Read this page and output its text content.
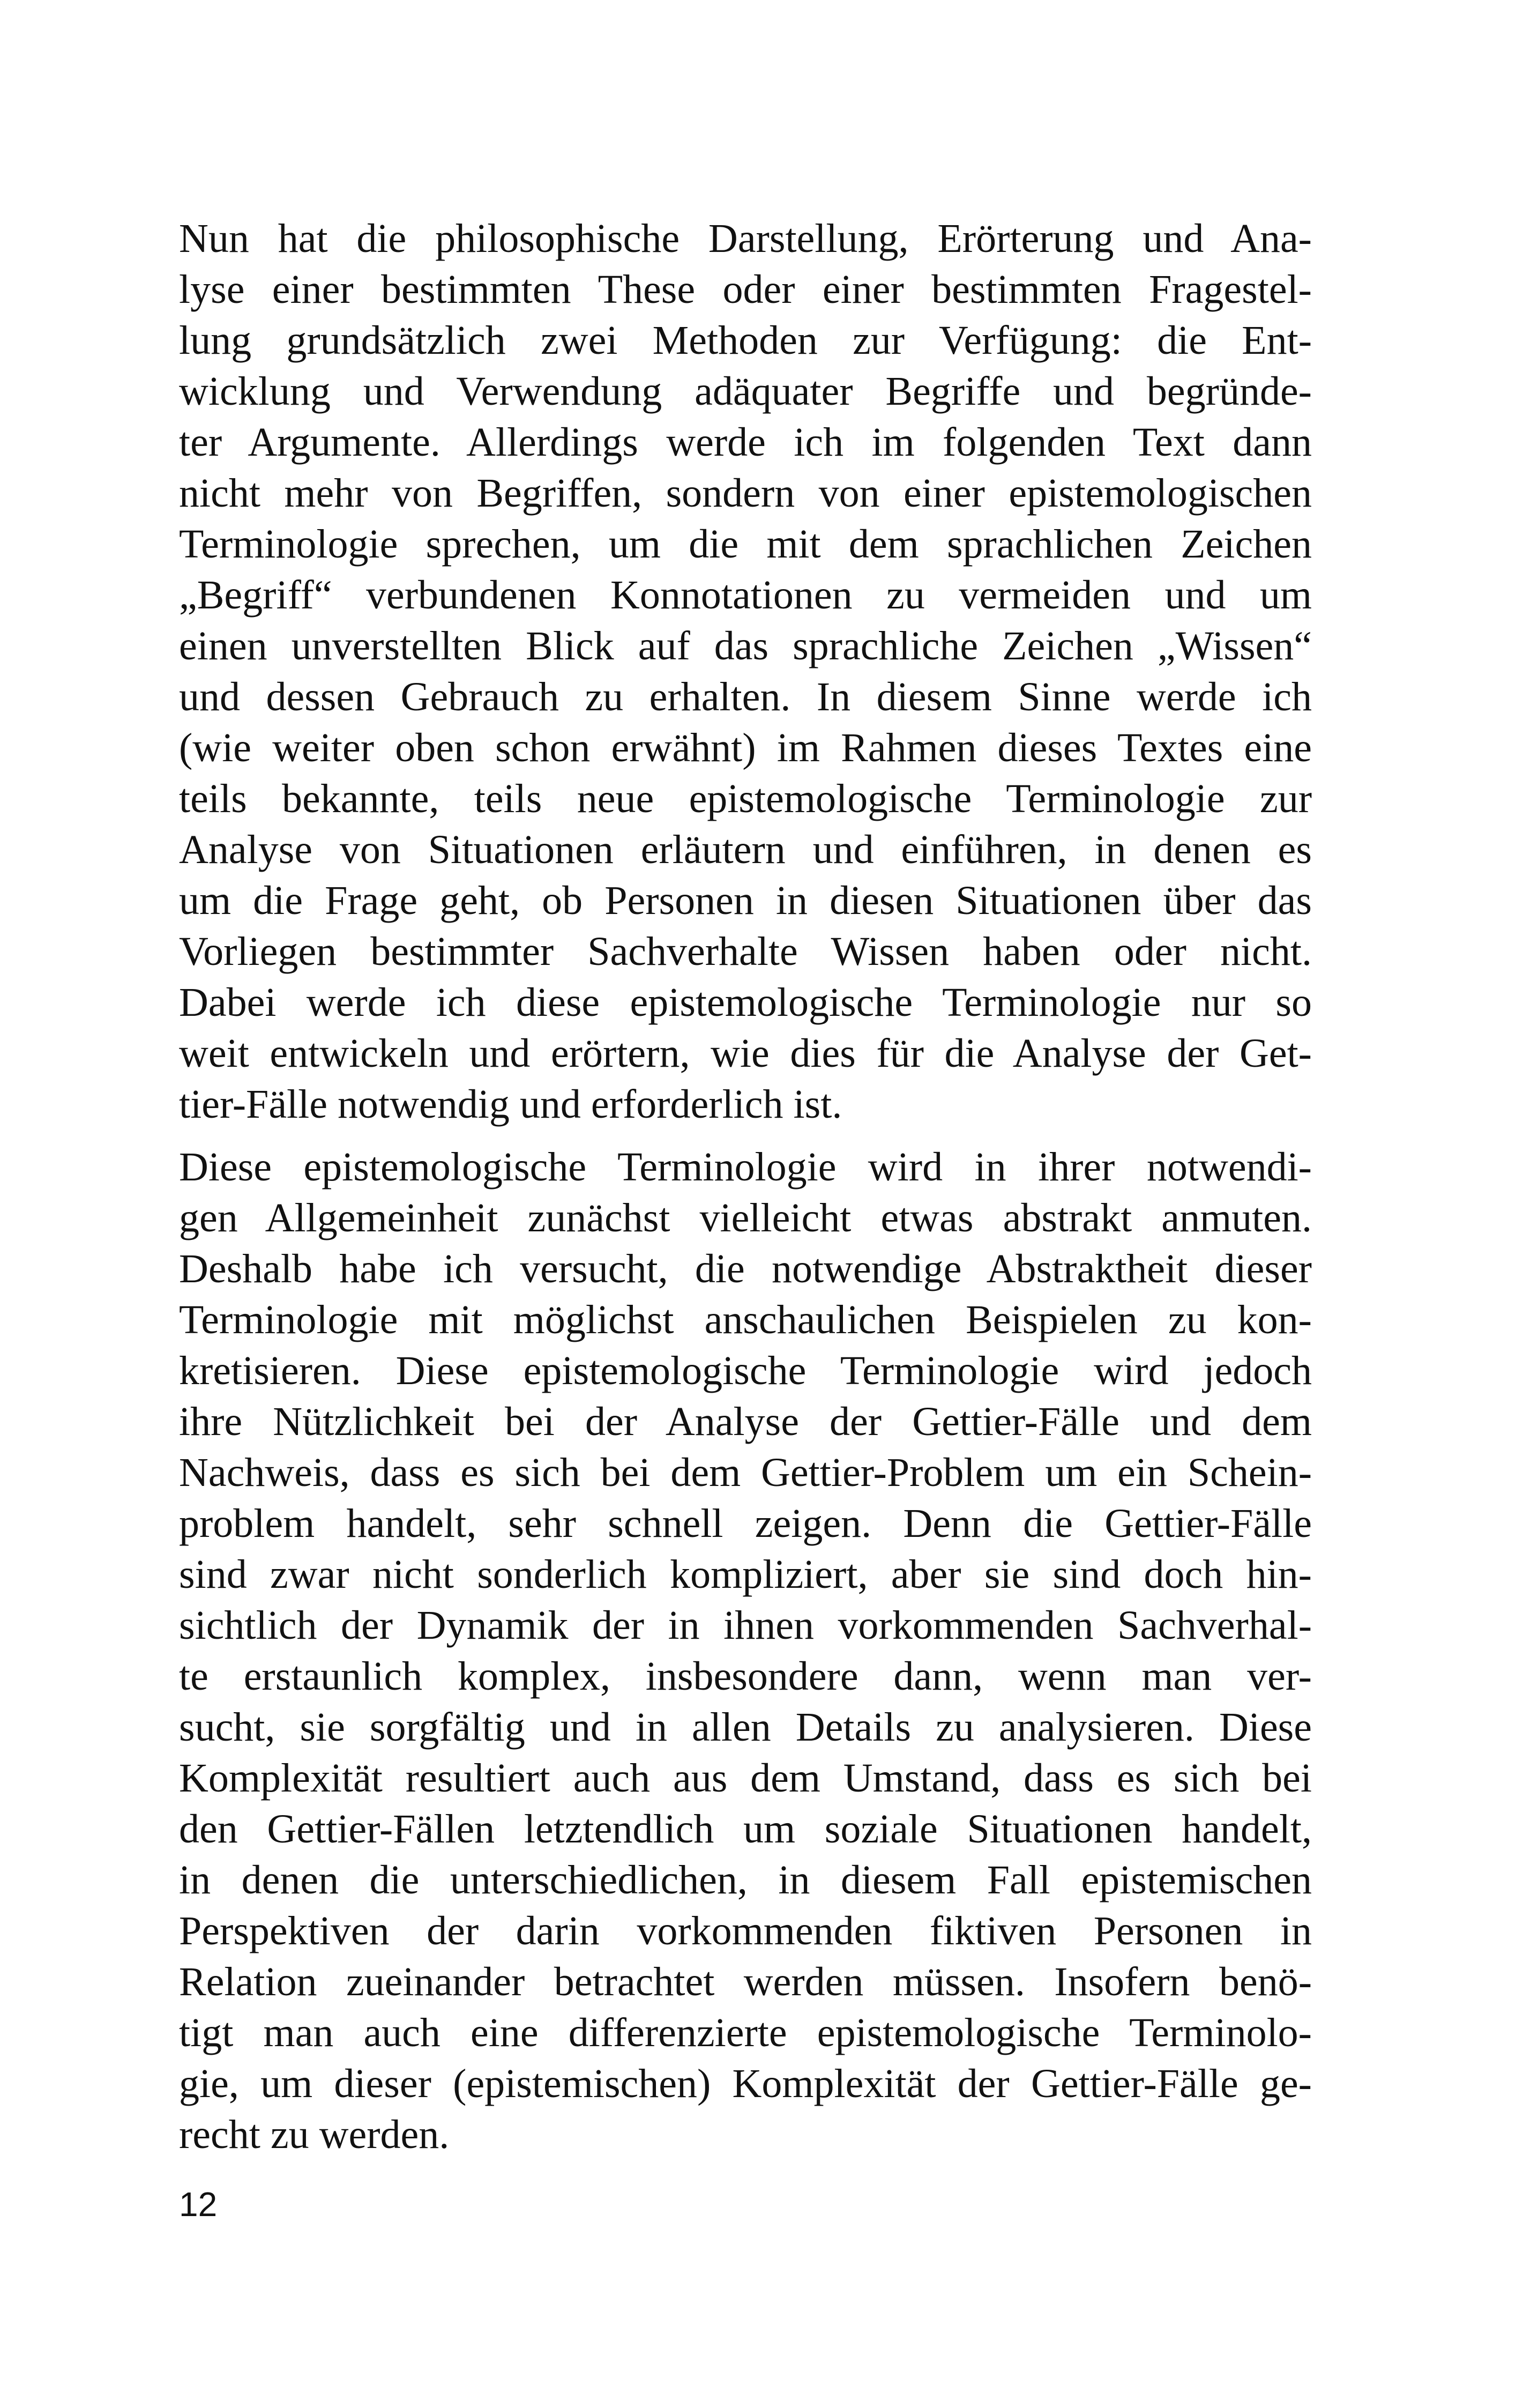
Nun hat die philosophische Darstellung, Erörterung und Ana-
lyse einer bestimmten These oder einer bestimmten Fragestel-
lung grundsätzlich zwei Methoden zur Verfügung: die Ent-
wicklung und Verwendung adäquater Begriffe und begründe-
ter Argumente. Allerdings werde ich im folgenden Text dann
nicht mehr von Begriffen, sondern von einer epistemologischen
Terminologie sprechen, um die mit dem sprachlichen Zeichen
„Begriff“ verbundenen Konnotationen zu vermeiden und um
einen unverstellten Blick auf das sprachliche Zeichen „Wissen“
und dessen Gebrauch zu erhalten. In diesem Sinne werde ich
(wie weiter oben schon erwähnt) im Rahmen dieses Textes eine
teils bekannte, teils neue epistemologische Terminologie zur
Analyse von Situationen erläutern und einführen, in denen es
um die Frage geht, ob Personen in diesen Situationen über das
Vorliegen bestimmter Sachverhalte Wissen haben oder nicht.
Dabei werde ich diese epistemologische Terminologie nur so
weit entwickeln und erörtern, wie dies für die Analyse der Get-
tier-Fälle notwendig und erforderlich ist.
Diese epistemologische Terminologie wird in ihrer notwendi-
gen Allgemeinheit zunächst vielleicht etwas abstrakt anmuten.
Deshalb habe ich versucht, die notwendige Abstraktheit dieser
Terminologie mit möglichst anschaulichen Beispielen zu kon-
kretisieren. Diese epistemologische Terminologie wird jedoch
ihre Nützlichkeit bei der Analyse der Gettier-Fälle und dem
Nachweis, dass es sich bei dem Gettier-Problem um ein Schein-
problem handelt, sehr schnell zeigen. Denn die Gettier-Fälle
sind zwar nicht sonderlich kompliziert, aber sie sind doch hin-
sichtlich der Dynamik der in ihnen vorkommenden Sachverhal-
te erstaunlich komplex, insbesondere dann, wenn man ver-
sucht, sie sorgfältig und in allen Details zu analysieren. Diese
Komplexität resultiert auch aus dem Umstand, dass es sich bei
den Gettier-Fällen letztendlich um soziale Situationen handelt,
in denen die unterschiedlichen, in diesem Fall epistemischen
Perspektiven der darin vorkommenden fiktiven Personen in
Relation zueinander betrachtet werden müssen. Insofern benö-
tigt man auch eine differenzierte epistemologische Terminolo-
gie, um dieser (epistemischen) Komplexität der Gettier-Fälle ge-
recht zu werden.
12
